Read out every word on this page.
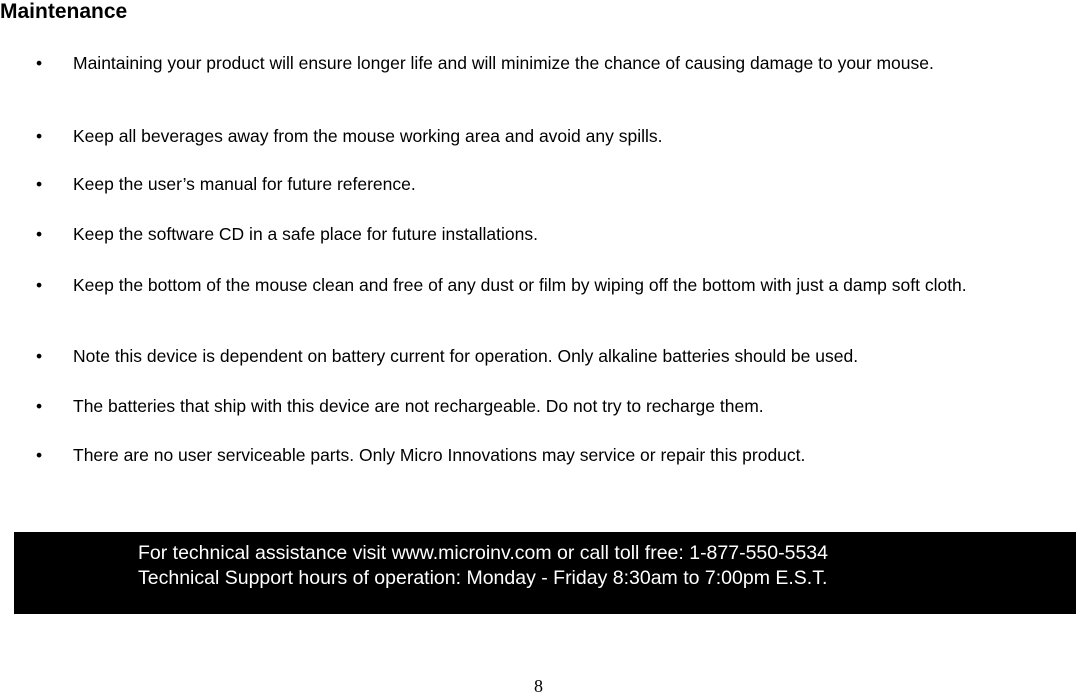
Maintenance
•	Maintaining your product will ensure longer life and will minimize the chance of causing damage to your mouse.
•	Keep all beverages away from the mouse working area and avoid any spills.
•	Keep the user’s manual for future reference.
•	Keep the software CD in a safe place for future installations.
•	Keep the bottom of the mouse clean and free of any dust or film by wiping off the bottom with just a damp soft cloth.
•	Note this device is dependent on battery current for operation. Only alkaline batteries should be used.
•	The batteries that ship with this device are not rechargeable. Do not try to recharge them.
•	There are no user serviceable parts. Only Micro Innovations may service or repair this product.
For technical assistance visit www.microinv.com or call toll free: 1-877-550-5534
Technical Support hours of operation: Monday - Friday 8:30am to 7:00pm E.S.T.
8
